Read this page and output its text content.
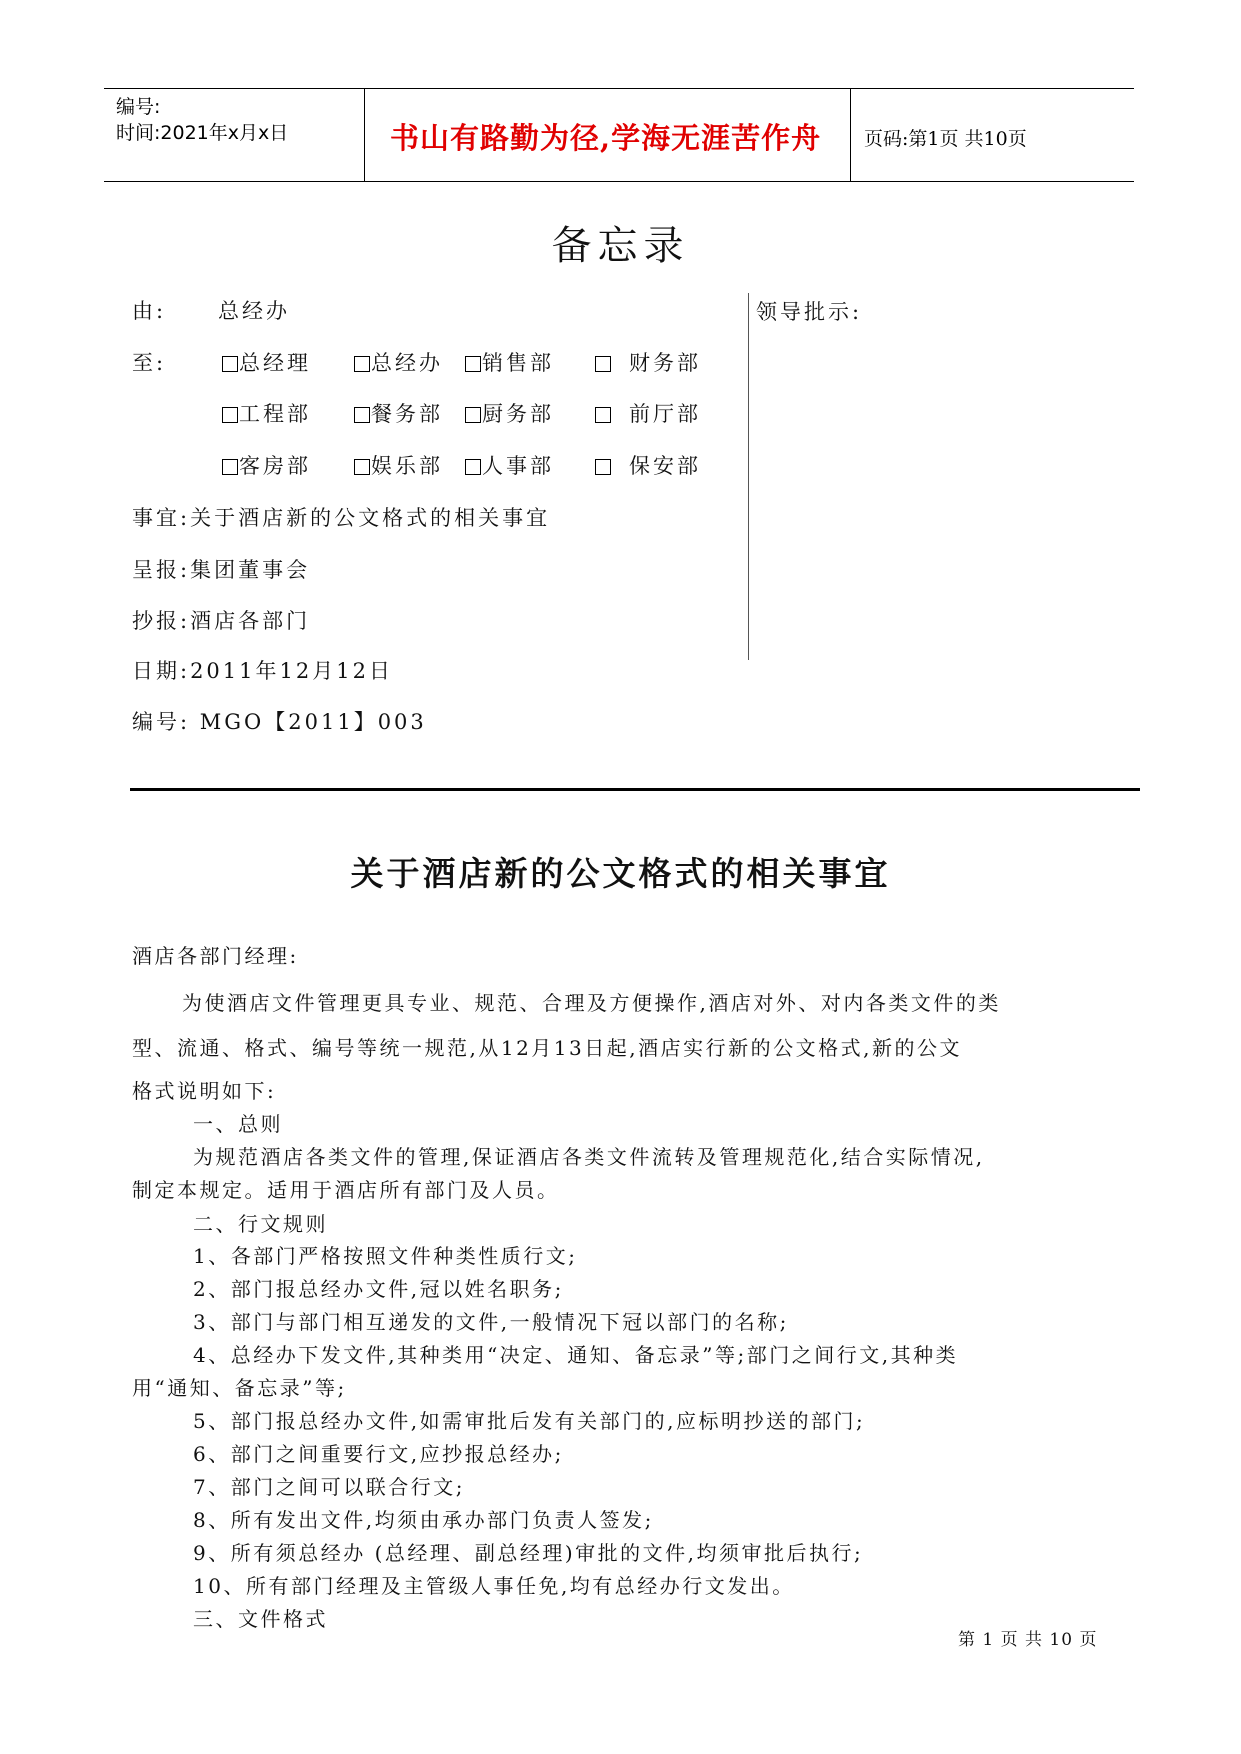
编号:
时间:2021年x月x日	书山有路勤为径,学海无涯苦作舟 页码:第1页 共10页
备忘录
由: 总经办
至:	总经理	总经办	销售部	财务部
工程部	餐务部	厨务部	前厅部
客房部	娱乐部	人事部	保安部
事宜:关于酒店新的公文格式的相关事宜
呈报:集团董事会
抄报:酒店各部门
日期:2011年12月12日
编号: MGO【2011】003
领导批示:
关于酒店新的公文格式的相关事宜
酒店各部门经理:
为使酒店文件管理更具专业、规范、合理及方便操作,酒店对外、对内各类文件的类
型、流通、格式、编号等统一规范,从12月13日起,酒店实行新的公文格式,新的公文
格式说明如下:
一、总则
为规范酒店各类文件的管理,保证酒店各类文件流转及管理规范化,结合实际情况,
制定本规定。适用于酒店所有部门及人员。
二、行文规则
1、各部门严格按照文件种类性质行文;
2、部门报总经办文件,冠以姓名职务;
3、部门与部门相互递发的文件,一般情况下冠以部门的名称;
4、总经办下发文件,其种类用“决定、通知、备忘录”等;部门之间行文,其种类
用“通知、备忘录”等;
5、部门报总经办文件,如需审批后发有关部门的,应标明抄送的部门;
6、部门之间重要行文,应抄报总经办;
7、部门之间可以联合行文;
8、所有发出文件,均须由承办部门负责人签发;
9、所有须总经办 (总经理、副总经理)审批的文件,均须审批后执行;
10、所有部门经理及主管级人事任免,均有总经办行文发出。
三、文件格式
第 1 页 共 10 页
